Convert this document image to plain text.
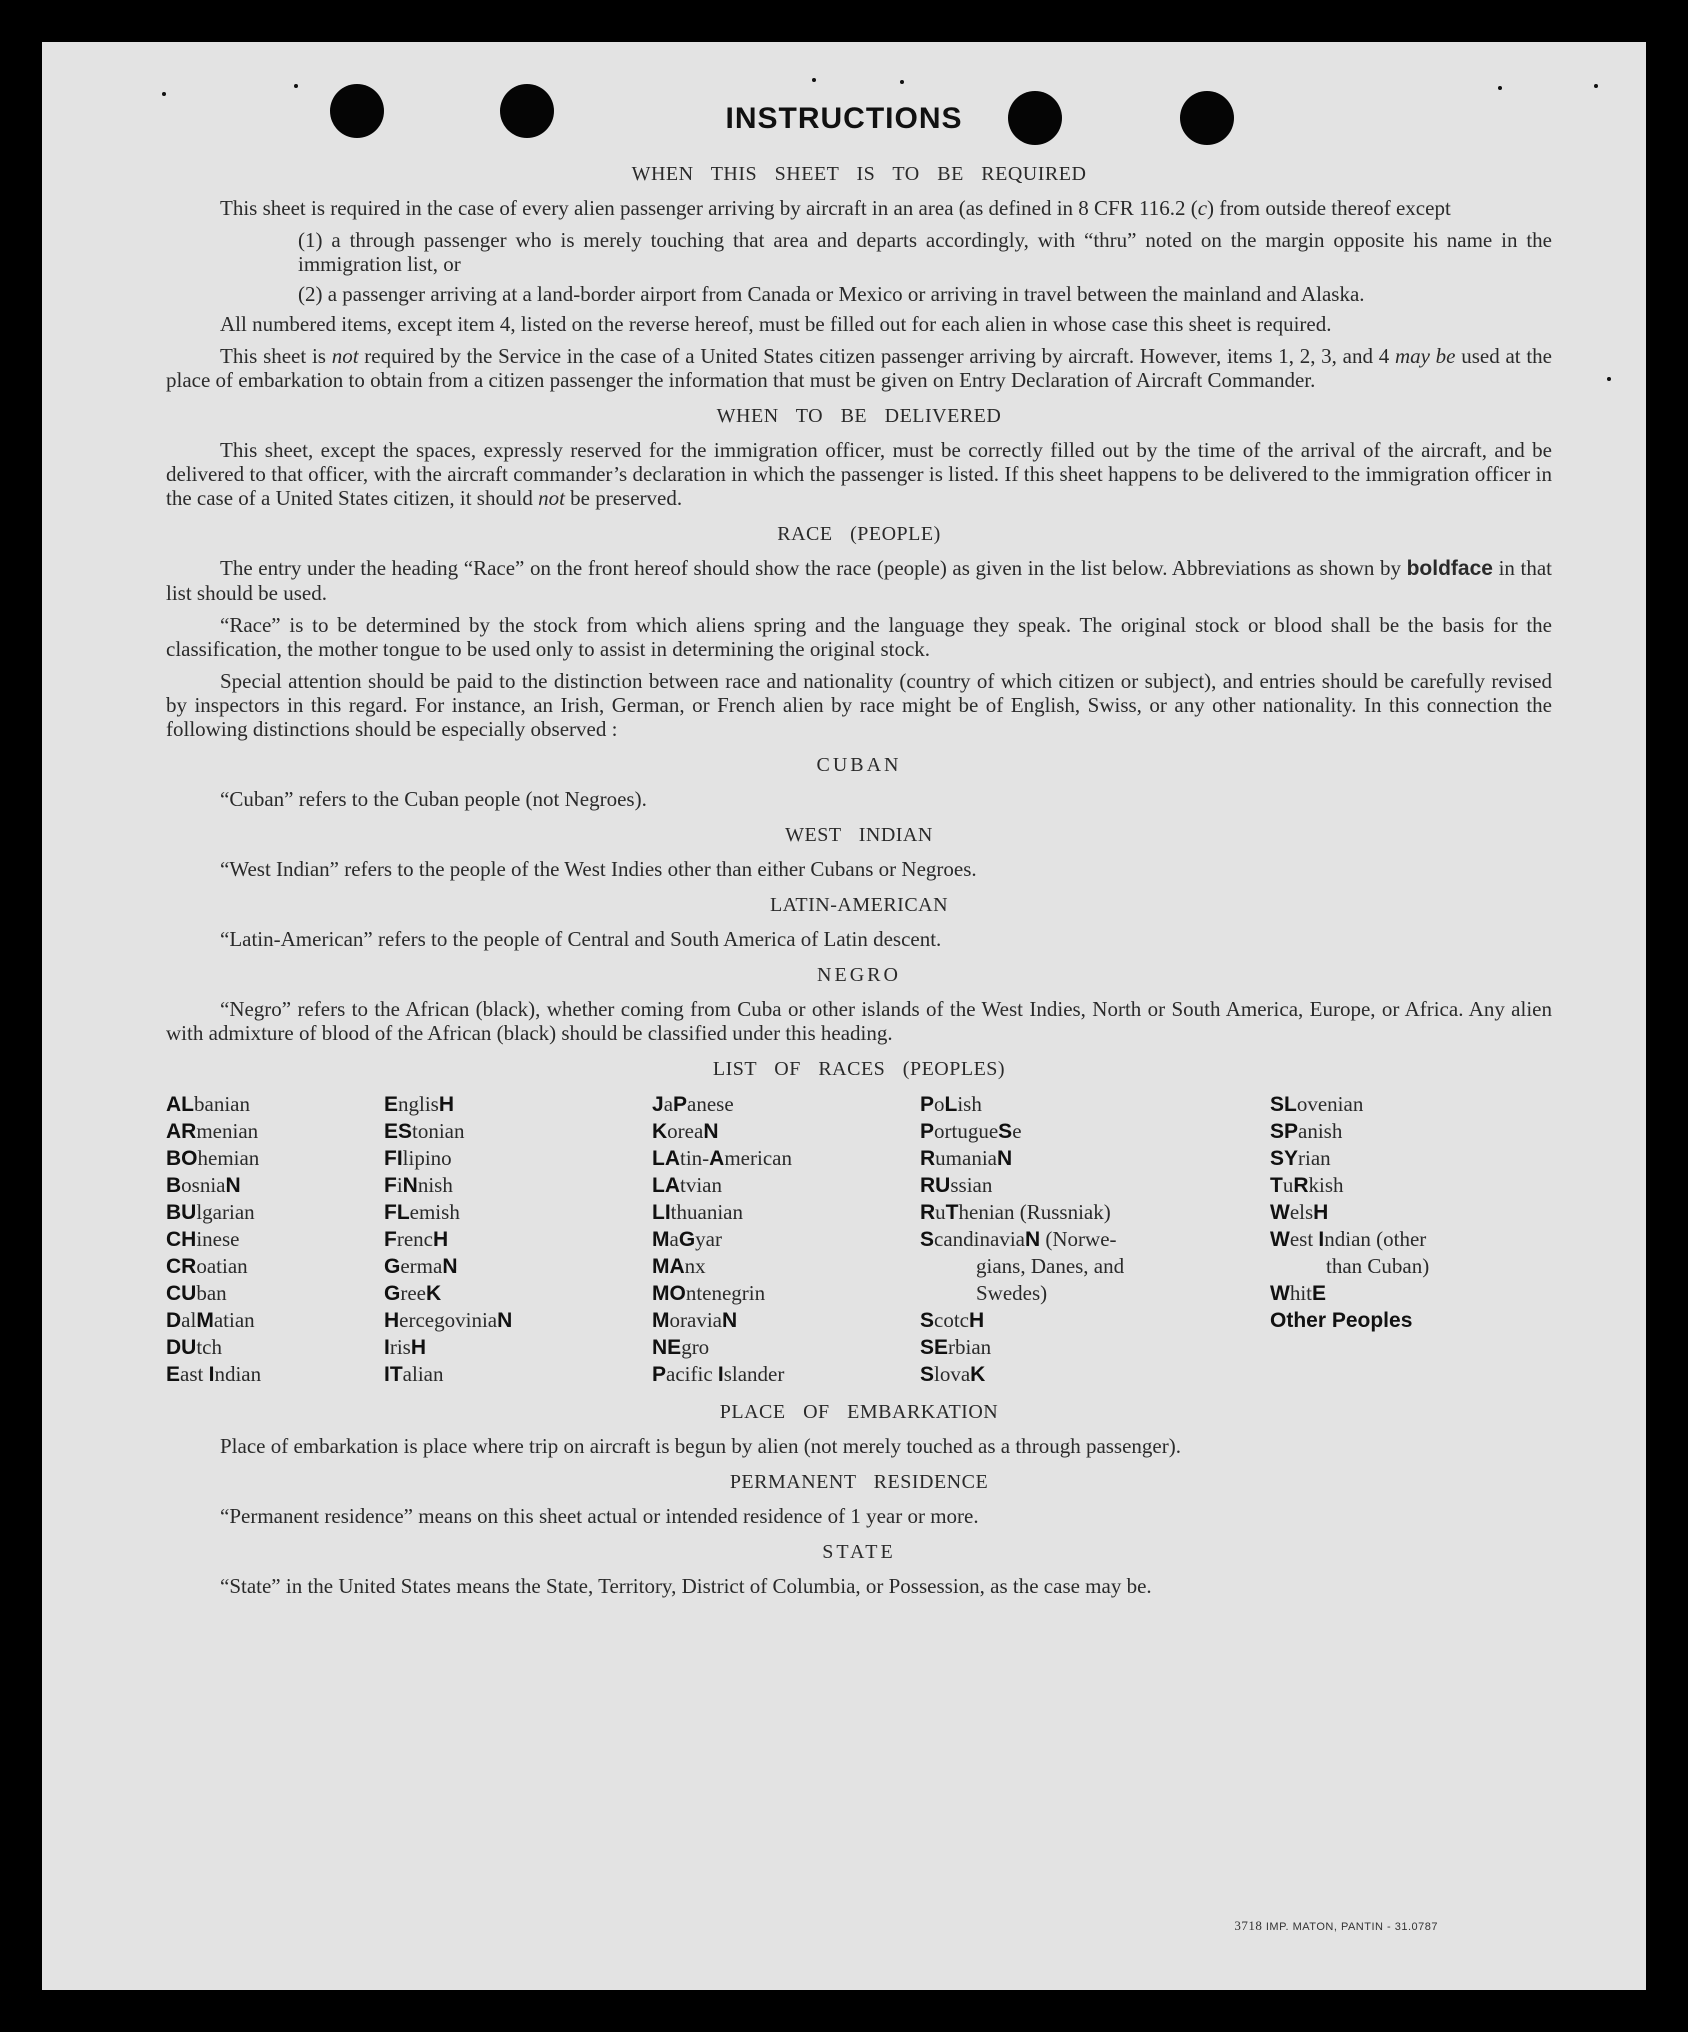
INSTRUCTIONS
WHEN THIS SHEET IS TO BE REQUIRED

This sheet is required in the case of every alien passenger arriving by aircraft in an area (as defined in 8 CFR 116.2 (c) from outside thereof except

(1) a through passenger who is merely touching that area and departs accordingly, with “thru” noted on the margin opposite his name in the immigration list, or

(2) a passenger arriving at a land-border airport from Canada or Mexico or arriving in travel between the mainland and Alaska.

All numbered items, except item 4, listed on the reverse hereof, must be filled out for each alien in whose case this sheet is required.

This sheet is not required by the Service in the case of a United States citizen passenger arriving by aircraft. However, items 1, 2, 3, and 4 may be used at the place of embarkation to obtain from a citizen passenger the information that must be given on Entry Declaration of Aircraft Commander.

WHEN TO BE DELIVERED

This sheet, except the spaces, expressly reserved for the immigration officer, must be correctly filled out by the time of the arrival of the aircraft, and be delivered to that officer, with the aircraft commander’s declaration in which the passenger is listed. If this sheet happens to be delivered to the immigration officer in the case of a United States citizen, it should not be preserved.

RACE (PEOPLE)

The entry under the heading “Race” on the front hereof should show the race (people) as given in the list below. Abbreviations as shown by boldface in that list should be used.

“Race” is to be determined by the stock from which aliens spring and the language they speak. The original stock or blood shall be the basis for the classification, the mother tongue to be used only to assist in determining the original stock.

Special attention should be paid to the distinction between race and nationality (country of which citizen or subject), and entries should be carefully revised by inspectors in this regard. For instance, an Irish, German, or French alien by race might be of English, Swiss, or any other nationality. In this connection the following distinctions should be especially observed :

CUBAN

“Cuban” refers to the Cuban people (not Negroes).

WEST INDIAN

“West Indian” refers to the people of the West Indies other than either Cubans or Negroes.

LATIN-AMERICAN

“Latin-American” refers to the people of Central and South America of Latin descent.

NEGRO

“Negro” refers to the African (black), whether coming from Cuba or other islands of the West Indies, North or South America, Europe, or Africa. Any alien with admixture of blood of the African (black) should be classified under this heading.

LIST OF RACES (PEOPLES)
ALbanian
ARmenian
BOhemian
BosniaN
BUlgarian
CHinese
CRoatian
CUban
DalMatian
DUtch
East Indian
EnglisH
EStonian
FIlipino
FiNnish
FLemish
FrencH
GermaN
GreeK
HercegoviniaN
IrisH
ITalian
JaPanese
KoreaN
LAtin-American
LAtvian
LIthuanian
MaGyar
MAnx
MOntenegrin
MoraviaN
NEgro
Pacific Islander
PoLish
PortugueSe
RumaniaN
RUssian
RuThenian (Russniak)
ScandinaviaN (Norwe-
gians, Danes, and
Swedes)
ScotcH
SErbian
SlovaK
SLovenian
SPanish
SYrian
TuRkish
WelsH
West Indian (other
than Cuban)
WhitE
Other Peoples
PLACE OF EMBARKATION

Place of embarkation is place where trip on aircraft is begun by alien (not merely touched as a through passenger).

PERMANENT RESIDENCE

“Permanent residence” means on this sheet actual or intended residence of 1 year or more.

STATE

“State” in the United States means the State, Territory, District of Columbia, or Possession, as the case may be.

3718 IMP. MATON, PANTIN - 31.0787
